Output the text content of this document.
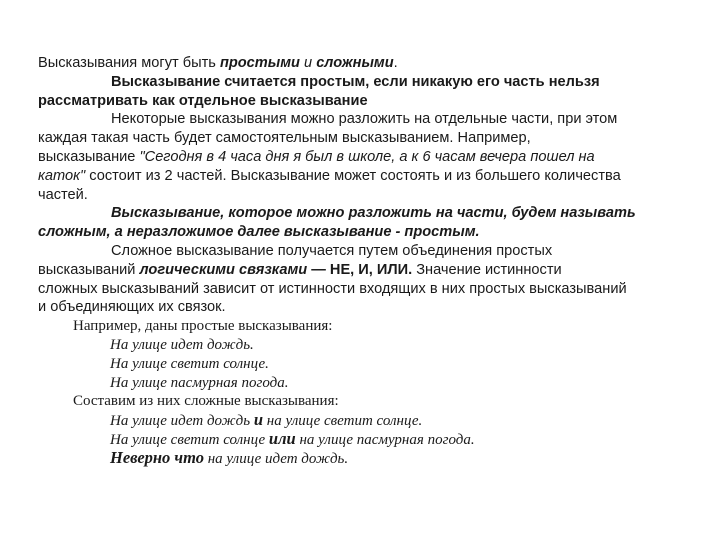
Высказывания могут быть простыми и сложными.
Высказывание считается простым, если никакую его часть нельзя
рассматривать как отдельное высказывание
Некоторые высказывания можно разложить на отдельные части, при этом
каждая такая часть будет самостоятельным высказыванием. Например,
высказывание "Сегодня в 4 часа дня я был в школе, а к 6 часам вечера пошел на
каток" состоит из 2 частей. Высказывание может состоять и из большего количества
частей.
Высказывание, которое можно разложить на части, будем называть
сложным, а неразложимое далее высказывание - простым.
Сложное высказывание получается путем объединения простых
высказываний логическими связками — НЕ, И, ИЛИ. Значение истинности
сложных высказываний зависит от истинности входящих в них простых высказываний
и объединяющих их связок.
Например, даны простые высказывания:
На улице идет дождь.
На улице светит солнце.
На улице пасмурная погода.
Составим из них сложные высказывания:
На улице идет дождь и на улице светит солнце.
На улице светит солнце или на улице пасмурная погода.
Неверно что на улице идет дождь.
